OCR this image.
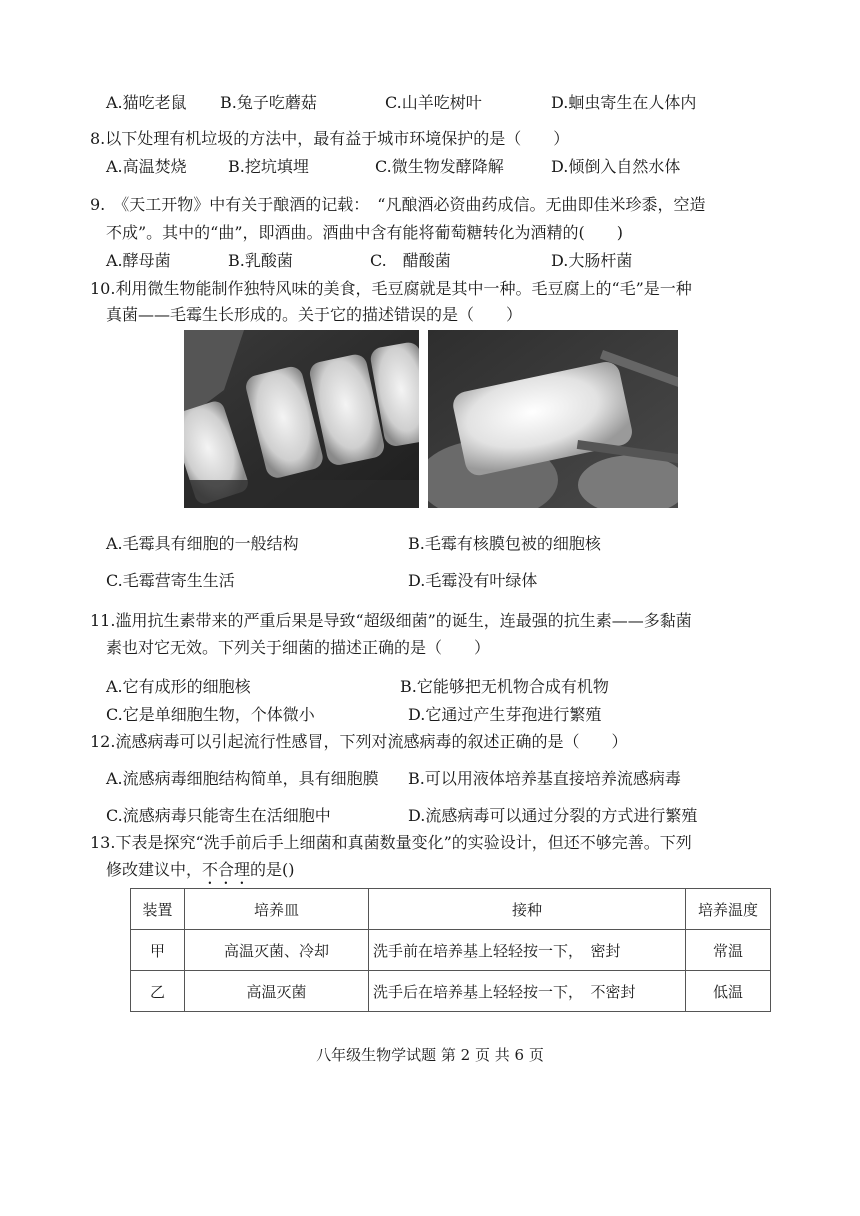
A.猫吃老鼠 B.兔子吃蘑菇	C.山羊吃树叶	D.蛔虫寄生在人体内
8.以下处理有机垃圾的方法中，最有益于城市环境保护的是（　　）
A.高温焚烧	B.挖坑填埋	C.微生物发酵降解	D.倾倒入自然水体
9.　《天工开物》中有关于酿酒的记载：　“凡酿酒必资曲药成信。无曲即佳米珍黍，空造
不成”。其中的“曲”，即酒曲。酒曲中含有能将葡萄糖转化为酒精的(　　)
A.酵母菌	B.乳酸菌	C.　醋酸菌	D.大肠杆菌
10.利用微生物能制作独特风味的美食，毛豆腐就是其中一种。毛豆腐上的“毛”是一种
真菌——毛霉生长形成的。关于它的描述错误的是（　　）
A.毛霉具有细胞的一般结构	B.毛霉有核膜包被的细胞核
C.毛霉营寄生生活	D.毛霉没有叶绿体
11.滥用抗生素带来的严重后果是导致“超级细菌”的诞生，连最强的抗生素——多黏菌
素也对它无效。下列关于细菌的描述正确的是（　　）
A.它有成形的细胞核	B.它能够把无机物合成有机物
C.它是单细胞生物，个体微小	D.它通过产生芽孢进行繁殖
12.流感病毒可以引起流行性感冒，下列对流感病毒的叙述正确的是（　　）
A.流感病毒细胞结构简单，具有细胞膜 B.可以用液体培养基直接培养流感病毒
C.流感病毒只能寄生在活细胞中	D.流感病毒可以通过分裂的方式进行繁殖
13.下表是探究“洗手前后手上细菌和真菌数量变化”的实验设计，但还不够完善。下列
修改建议中，不合理的是()
装置	培养皿	接种	培养温度
甲	高温灭菌、冷却	洗手前在培养基上轻轻按一下，　密封	常温
乙	高温灭菌	洗手后在培养基上轻轻按一下，　不密封	低温
八年级生物学试题 第 2 页 共 6 页
